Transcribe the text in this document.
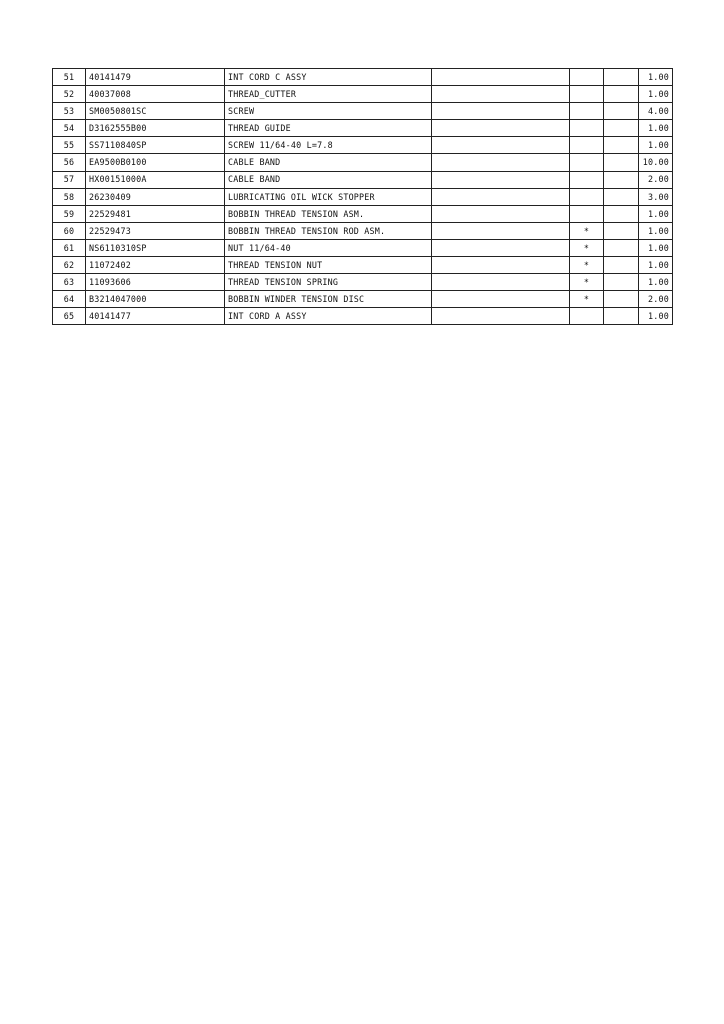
51	40141479	INT CORD C ASSY				1.00
52	40037008	THREAD_CUTTER				1.00
53	SM0050801SC	SCREW				4.00
54	D3162555B00	THREAD GUIDE				1.00
55	SS7110840SP	SCREW 11/64-40 L=7.8				1.00
56	EA9500B0100	CABLE BAND				10.00
57	HX00151000A	CABLE BAND				2.00
58	26230409	LUBRICATING OIL WICK STOPPER				3.00
59	22529481	BOBBIN THREAD TENSION ASM.				1.00
60	22529473	BOBBIN THREAD TENSION ROD ASM.		*		1.00
61	NS6110310SP	NUT 11/64-40		*		1.00
62	11072402	THREAD TENSION NUT		*		1.00
63	11093606	THREAD TENSION SPRING		*		1.00
64	B3214047000	BOBBIN WINDER TENSION DISC		*		2.00
65	40141477	INT CORD A ASSY				1.00
